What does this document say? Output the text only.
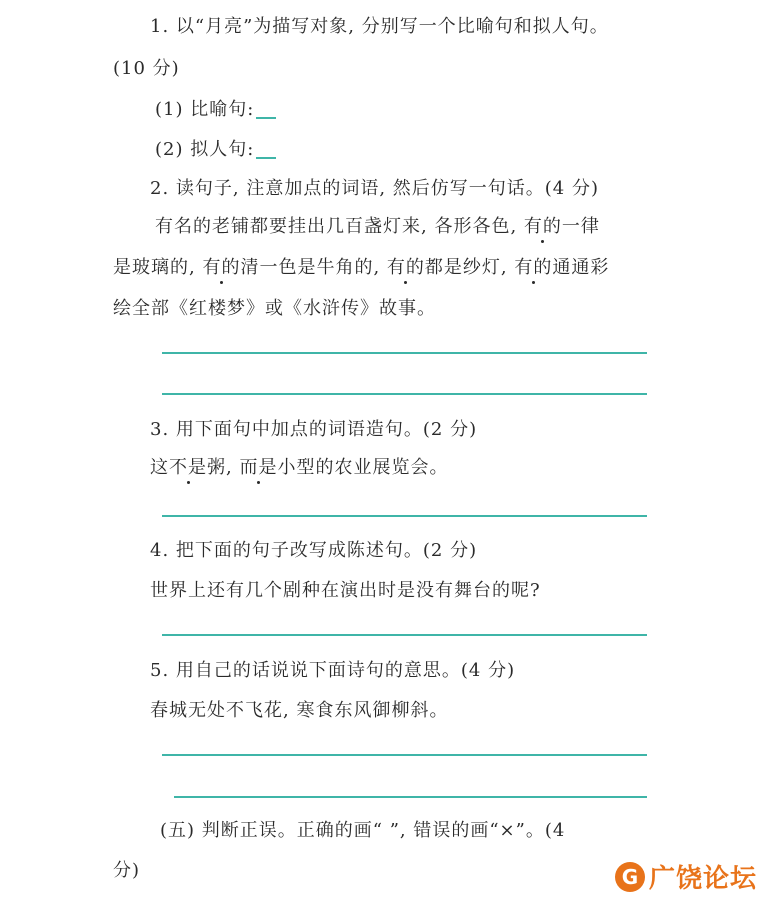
1. 以“月亮”为描写对象, 分别写一个比喻句和拟人句。
(10 分)
(1) 比喻句:
(2) 拟人句:
2. 读句子, 注意加点的词语, 然后仿写一句话。(4 分)
有名的老铺都要挂出几百盏灯来, 各形各色, 有的一律
是玻璃的, 有的清一色是牛角的, 有的都是纱灯, 有的通通彩
绘全部《红楼梦》或《水浒传》故事。
3. 用下面句中加点的词语造句。(2 分)
这不是粥, 而是小型的农业展览会。
4. 把下面的句子改写成陈述句。(2 分)
世界上还有几个剧种在演出时是没有舞台的呢?
5. 用自己的话说说下面诗句的意思。(4 分)
春城无处不飞花, 寒食东风御柳斜。
(五) 判断正误。正确的画“ ”, 错误的画“×”。(4
分)	G 广饶论坛
